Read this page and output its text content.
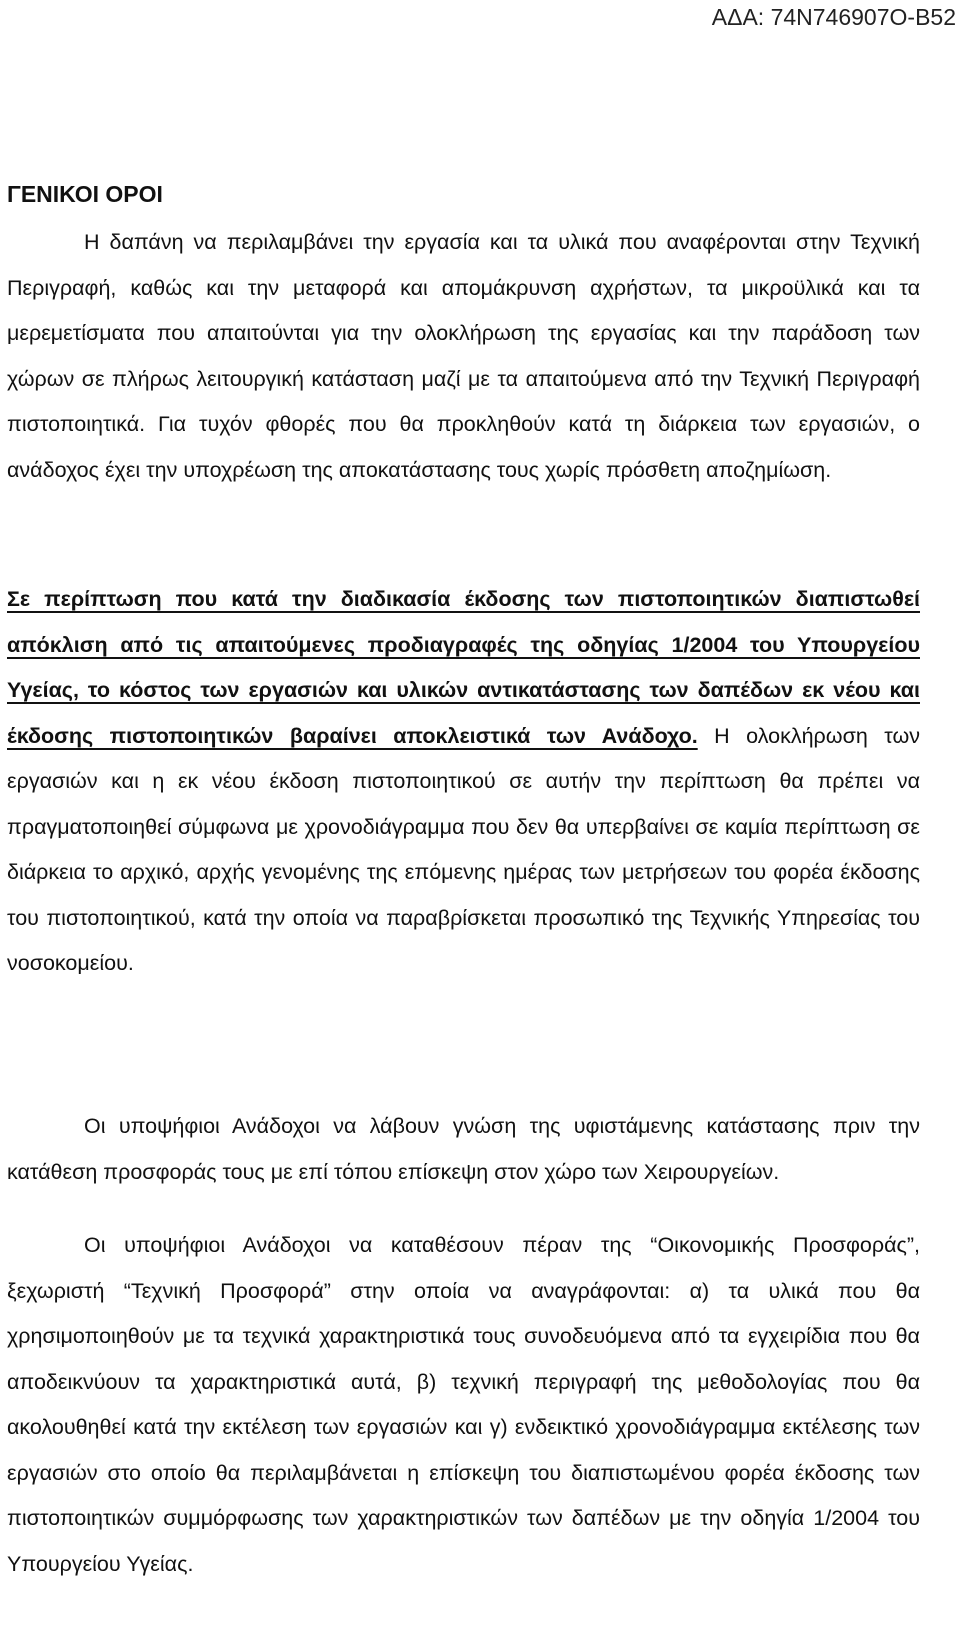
ΑΔΑ: 74Ν746907Ο-Β52
ΓΕΝΙΚΟΙ ΟΡΟΙ

Η δαπάνη να περιλαμβάνει την εργασία και τα υλικά που αναφέρονται στην Τεχνική Περιγραφή, καθώς και την μεταφορά και απομάκρυνση αχρήστων, τα μικροϋλικά και τα μερεμετίσματα που απαιτούνται για την ολοκλήρωση της εργασίας και την παράδοση των χώρων σε πλήρως λειτουργική κατάσταση μαζί με τα απαιτούμενα από την Τεχνική Περιγραφή πιστοποιητικά. Για τυχόν φθορές που θα προκληθούν κατά τη διάρκεια των εργασιών, ο ανάδοχος έχει την υποχρέωση της αποκατάστασης τους χωρίς πρόσθετη αποζημίωση.

Σε περίπτωση που κατά την διαδικασία έκδοσης των πιστοποιητικών διαπιστωθεί απόκλιση από τις απαιτούμενες προδιαγραφές της οδηγίας 1/2004 του Υπουργείου Υγείας, το κόστος των εργασιών και υλικών αντικατάστασης των δαπέδων εκ νέου και έκδοσης πιστοποιητικών βαραίνει αποκλειστικά των Ανάδοχο. Η ολοκλήρωση των εργασιών και η εκ νέου έκδοση πιστοποιητικού σε αυτήν την περίπτωση θα πρέπει να πραγματοποιηθεί σύμφωνα με χρονοδιάγραμμα που δεν θα υπερβαίνει σε καμία περίπτωση σε διάρκεια το αρχικό, αρχής γενομένης της επόμενης ημέρας των μετρήσεων του φορέα έκδοσης του πιστοποιητικού, κατά την οποία να παραβρίσκεται προσωπικό της Τεχνικής Υπηρεσίας του νοσοκομείου.

Οι υποψήφιοι Ανάδοχοι να λάβουν γνώση της υφιστάμενης κατάστασης πριν την κατάθεση προσφοράς τους με επί τόπου επίσκεψη στον χώρο των Χειρουργείων.

Οι υποψήφιοι Ανάδοχοι να καταθέσουν πέραν της “Οικονομικής Προσφοράς”, ξεχωριστή “Τεχνική Προσφορά” στην οποία να αναγράφονται: α) τα υλικά που θα χρησιμοποιηθούν με τα τεχνικά χαρακτηριστικά τους συνοδευόμενα από τα εγχειρίδια που θα αποδεικνύουν τα χαρακτηριστικά αυτά, β) τεχνική περιγραφή της μεθοδολογίας που θα ακολουθηθεί κατά την εκτέλεση των εργασιών και γ) ενδεικτικό χρονοδιάγραμμα εκτέλεσης των εργασιών στο οποίο θα περιλαμβάνεται η επίσκεψη του διαπιστωμένου φορέα έκδοσης των πιστοποιητικών συμμόρφωσης των χαρακτηριστικών των δαπέδων με την οδηγία 1/2004 του Υπουργείου Υγείας.
